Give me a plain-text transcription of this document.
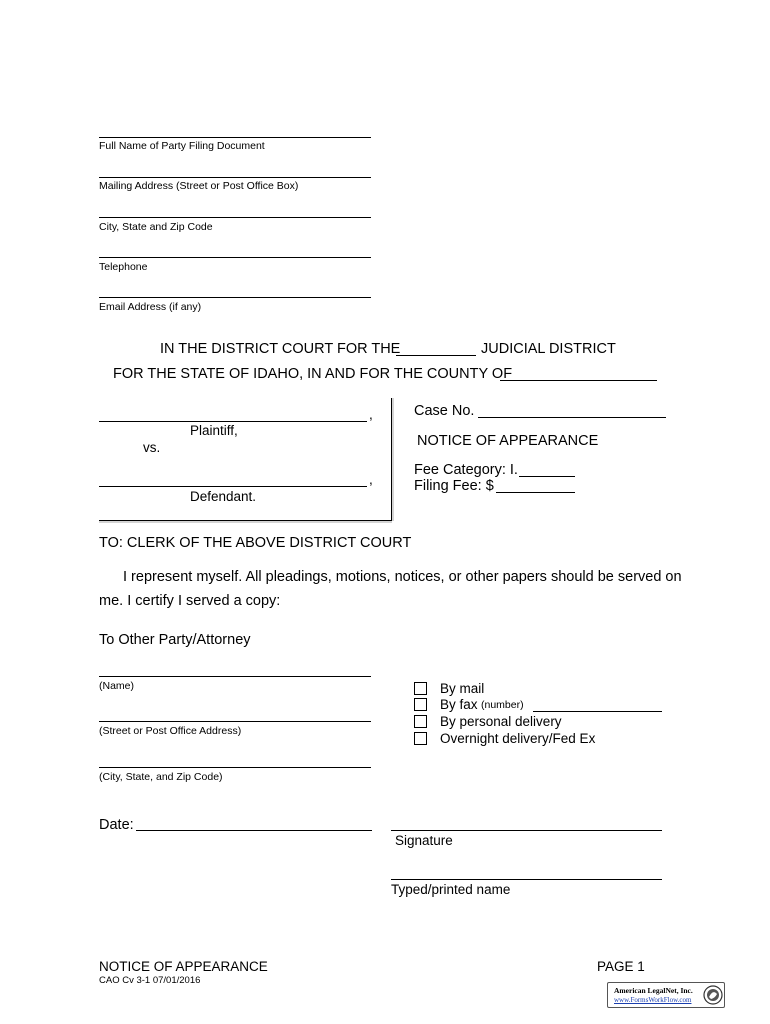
Full Name of Party Filing Document
Mailing Address (Street or Post Office Box)
City, State and Zip Code
Telephone
Email Address (if any)
IN THE DISTRICT COURT FOR THE	JUDICIAL DISTRICT
FOR THE STATE OF IDAHO, IN AND FOR THE COUNTY OF
,
Plaintiff,
vs.
,
Defendant.
Case No.
NOTICE OF APPEARANCE
Fee Category: I.
Filing Fee: $
TO: CLERK OF THE ABOVE DISTRICT COURT
I represent myself. All pleadings, motions, notices, or other papers should be served on
me. I certify I served a copy:
To Other Party/Attorney
(Name)
(Street or Post Office Address)
(City, State, and Zip Code)
By mail
By fax (number)
By personal delivery
Overnight delivery/Fed Ex
Date:
Signature
Typed/printed name
NOTICE OF APPEARANCE
CAO Cv 3-1 07/01/2016
PAGE 1
American LegalNet, Inc.
www.FormsWorkFlow.com
